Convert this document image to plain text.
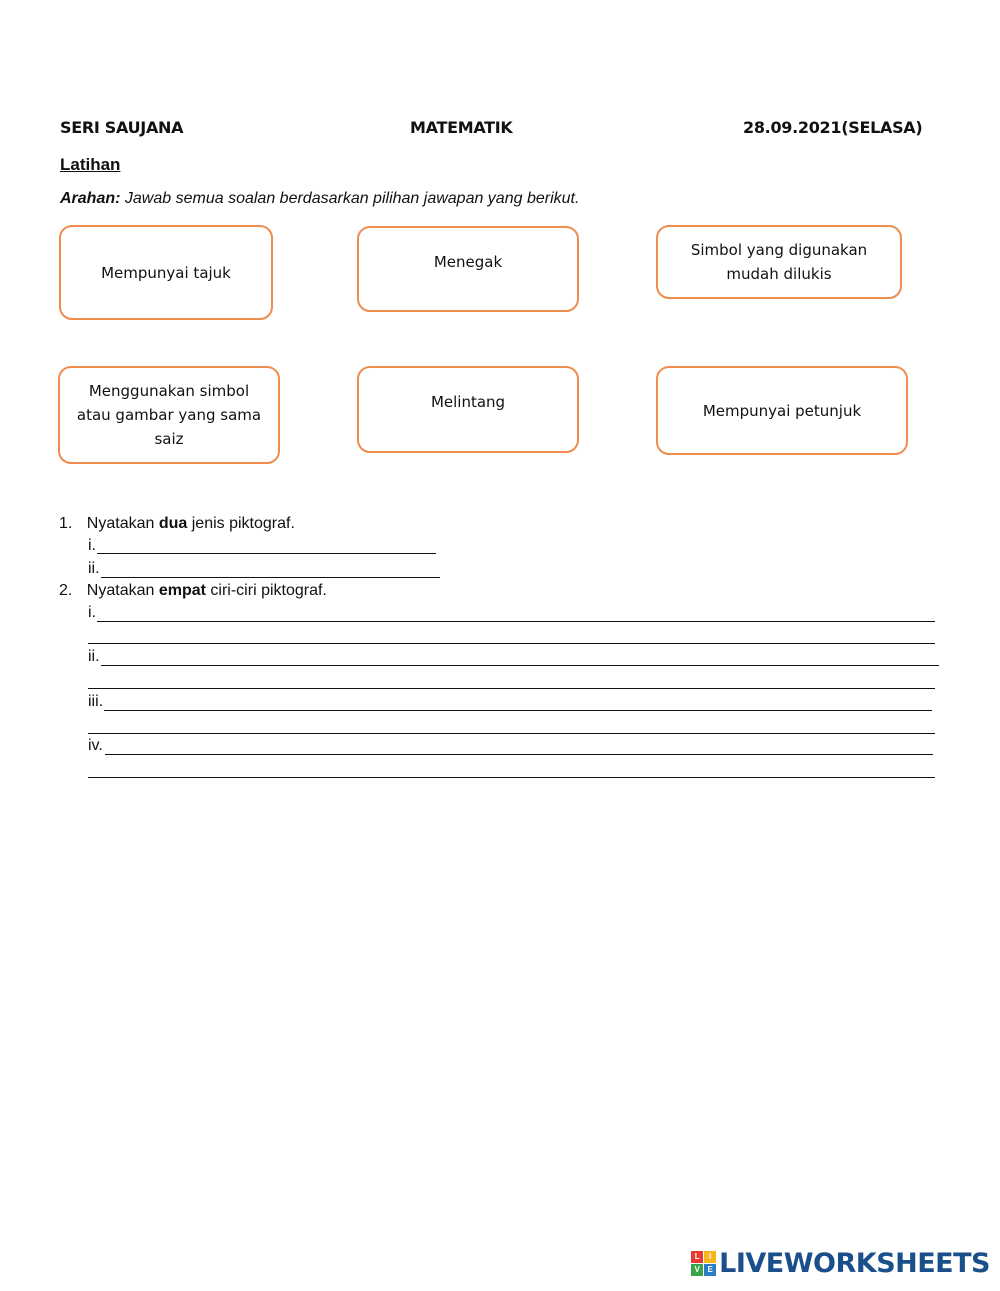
SERI SAUJANA	MATEMATIK	28.09.2021(SELASA)
Latihan
Arahan: Jawab semua soalan berdasarkan pilihan jawapan yang berikut.
Mempunyai tajuk
Menegak
Simbol yang digunakan mudah dilukis
Menggunakan simbol atau gambar yang sama saiz
Melintang	Mempunyai petunjuk
1. Nyatakan dua jenis piktograf.
i.
ii.
2. Nyatakan empat ciri-ciri piktograf.
i.
ii.
iii.
iv.
L	I
V E LIVEWORKSHEETS
